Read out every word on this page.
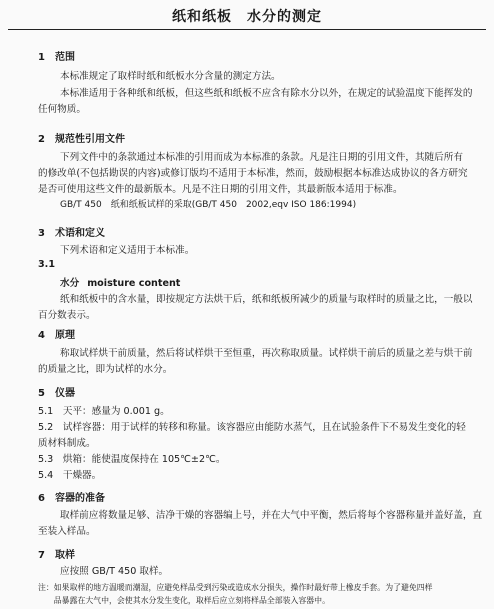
纸和纸板　水分的测定
1　范围
本标准规定了取样时纸和纸板水分含量的测定方法。
本标准适用于各种纸和纸板，但这些纸和纸板不应含有除水分以外，在规定的试验温度下能挥发的
任何物质。
2　规范性引用文件
下列文件中的条款通过本标准的引用而成为本标准的条款。凡是注日期的引用文件，其随后所有
的修改单(不包括勘误的内容)或修订版均不适用于本标准，然而，鼓励根据本标准达成协议的各方研究
是否可使用这些文件的最新版本。凡是不注日期的引用文件，其最新版本适用于标准。
GB/T 450　纸和纸板试样的采取(GB/T 450　2002,eqv ISO 186:1994)
3　术语和定义
下列术语和定义适用于本标准。
3.1
水分 moisture content
纸和纸板中的含水量，即按规定方法烘干后，纸和纸板所减少的质量与取样时的质量之比，一般以
百分数表示。
4　原理
称取试样烘干前质量，然后将试样烘干至恒重，再次称取质量。试样烘干前后的质量之差与烘干前
的质量之比，即为试样的水分。
5　仪器
5.1　天平：感量为 0.001 g。
5.2　试样容器：用于试样的转移和称量。该容器应由能防水蒸气，且在试验条件下不易发生变化的轻
质材料制成。
5.3　烘箱：能使温度保持在 105℃±2℃。
5.4　干燥器。
6　容器的准备
取样前应将数量足够、洁净干燥的容器编上号，并在大气中平衡，然后将每个容器称量并盖好盖，直
至装入样品。
7　取样
应按照 GB/T 450 取样。
注：如果取样的地方温暖而潮湿，应避免样品受到污染或造成水分损失，操作时最好带上橡皮手套。为了避免四样
　　品暴露在大气中，会使其水分发生变化，取样后应立刻将样品全部装入容器中。
